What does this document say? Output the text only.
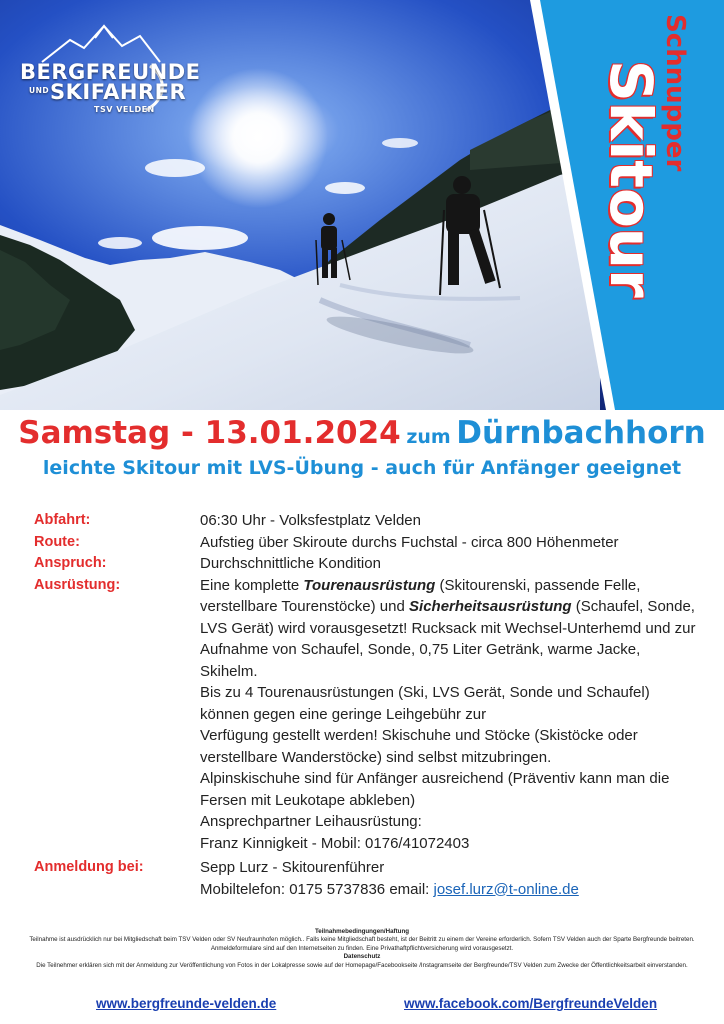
BERGFREUNDE
UND SKIFAHRER
TSV VELDEN	Schnupper
Skitour
Samstag - 13.01.2024 zum Dürnbachhorn
leichte Skitour mit LVS-Übung - auch für Anfänger geeignet
Abfahrt:	06:30 Uhr - Volksfestplatz Velden
Route:	Aufstieg über Skiroute durchs Fuchstal - circa 800 Höhenmeter
Anspruch:	Durchschnittliche Kondition
Ausrüstung:	Eine komplette Tourenausrüstung (Skitourenski, passende Felle, verstellbare Tourenstöcke) und Sicherheitsausrüstung (Schaufel, Sonde, LVS Gerät) wird vorausgesetzt! Rucksack mit Wechsel-Unterhemd und zur Aufnahme von Schaufel, Sonde, 0,75 Liter Getränk, warme Jacke, Skihelm.
Bis zu 4 Tourenausrüstungen (Ski, LVS Gerät, Sonde und Schaufel) können gegen eine geringe Leihgebühr zur
Verfügung gestellt werden! Skischuhe und Stöcke (Skistöcke oder verstellbare Wanderstöcke) sind selbst mitzubringen.
Alpinskischuhe sind für Anfänger ausreichend (Präventiv kann man die Fersen mit Leukotape abkleben)
Ansprechpartner Leihausrüstung:
Franz Kinnigkeit - Mobil: 0176/41072403
Anmeldung bei:	Sepp Lurz - Skitourenführer
Mobiltelefon: 0175 5737836 email: josef.lurz@t-online.de
Teilnahmebedingungen/Haftung
Teilnahme ist ausdrücklich nur bei Mitgliedschaft beim TSV Velden oder SV Neufraunhofen möglich.. Falls keine Mitgliedschaft besteht, ist der Beitritt zu einem der Vereine erforderlich. Sofern TSV Velden auch der Sparte Bergfreunde beitreten. Anmeldeformulare sind auf den Internetseiten zu finden. Eine Privathaftpflichtversicherung wird vorausgesetzt.
Datenschutz
Die Teilnehmer erklären sich mit der Anmeldung zur Veröffentlichung von Fotos in der Lokalpresse sowie auf der Homepage/Facebookseite /Instagramseite der Bergfreunde/TSV Velden zum Zwecke der Öffentlichkeitsarbeit einverstanden.
www.bergfreunde-velden.de	www.facebook.com/BergfreundeVelden
